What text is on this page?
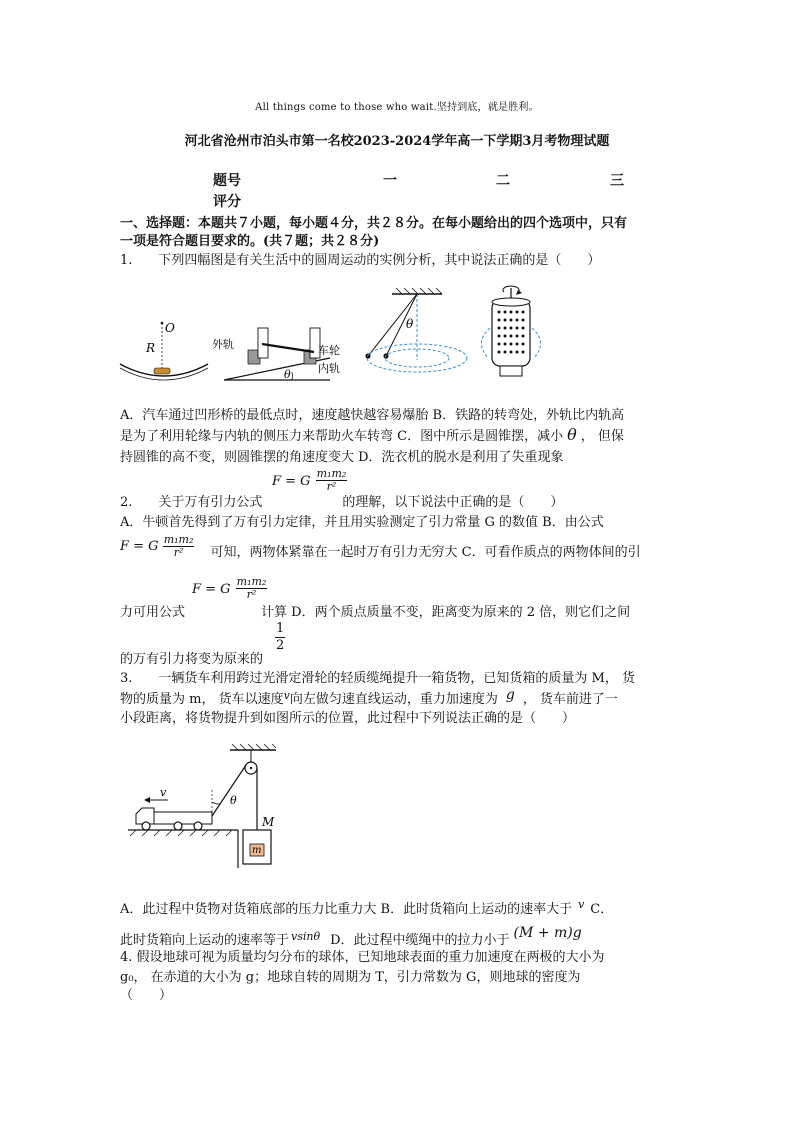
All things come to those who wait.坚持到底，就是胜利。
河北省沧州市泊头市第一名校2023-2024学年高一下学期3月考物理试题
题号	一	二	三
评分
一、选择题：本题共７小题，每小题４分，共２８分。在每小题给出的四个选项中，只有
一项是符合题目要求的。(共７题；共２８分)
1.　　下列四幅图是有关生活中的圆周运动的实例分析，其中说法正确的是（　　）
O
R
θ
外轨	车轮
内轨
θ
A．汽车通过凹形桥的最低点时，速度越快越容易爆胎 B．铁路的转弯处，外轨比内轨高
是为了利用轮缘与内轨的侧压力来帮助火车转弯 C．图中所示是圆锥摆，减小 θ ， 但保
持圆锥的高不变，则圆锥摆的角速度变大 D．洗衣机的脱水是利用了失重现象
F = G $\frac{\text{m₁m₂}}{\text{r²}}$
2.　　关于万有引力公式	的理解，以下说法中正确的是（　　）
A．牛顿首先得到了万有引力定律，并且用实验测定了引力常量 G 的数值 B．由公式
F = G $\frac{\text{m₁m₂}}{\text{r²}}$ 可知，两物体紧靠在一起时万有引力无穷大 C．可看作质点的两物体间的引
F = G $\frac{\text{m₁m₂}}{\text{r²}}$
力可用公式	计算 D．两个质点质量不变，距离变为原来的 2 倍，则它们之间
$\frac{1}{2}$
的万有引力将变为原来的
3.　　一辆货车利用跨过光滑定滑轮的轻质缆绳提升一箱货物，已知货箱的质量为 M， 货
物的质量为 m， 货车以速度$^v$向左做匀速直线运动，重力加速度为 g ， 货车前进了一
小段距离，将货物提升到如图所示的位置，此过程中下列说法正确的是（　　）
θ
v
M
m
A．此过程中货物对货箱底部的压力比重力大 B．此时货箱向上运动的速率大于 $^v$ C．
此时货箱向上运动的速率等于 $^{vsin\theta}$ D．此过程中缆绳中的拉力小于 (M + m)g
4. 假设地球可视为质量均匀分布的球体，已知地球表面的重力加速度在两极的大小为
g₀， 在赤道的大小为 g；地球自转的周期为 T，引力常数为 G，则地球的密度为
（　　）
